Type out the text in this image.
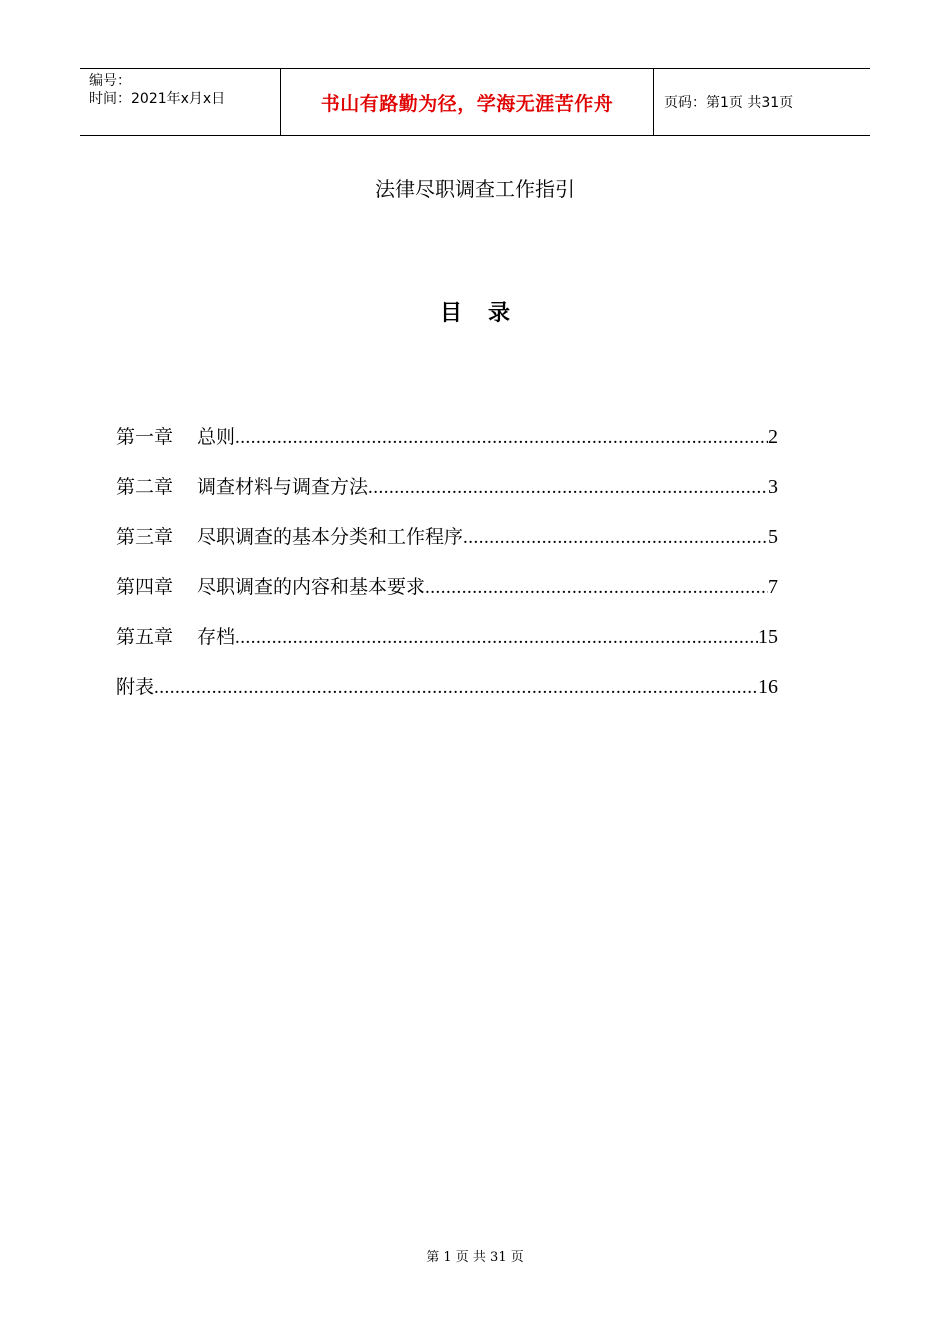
编号：
时间：2021年x月x日	书山有路勤为径，学海无涯苦作舟	页码：第1页 共31页
法律尽职调查工作指引
目录
第一章 总则 .....	2
第二章 调查材料与调查方法 .....	3
第三章 尽职调查的基本分类和工作程序 .....	5
第四章 尽职调查的内容和基本要求 .....	7
第五章 存档 .....	15
附表 .....	16
第 1 页 共 31 页
